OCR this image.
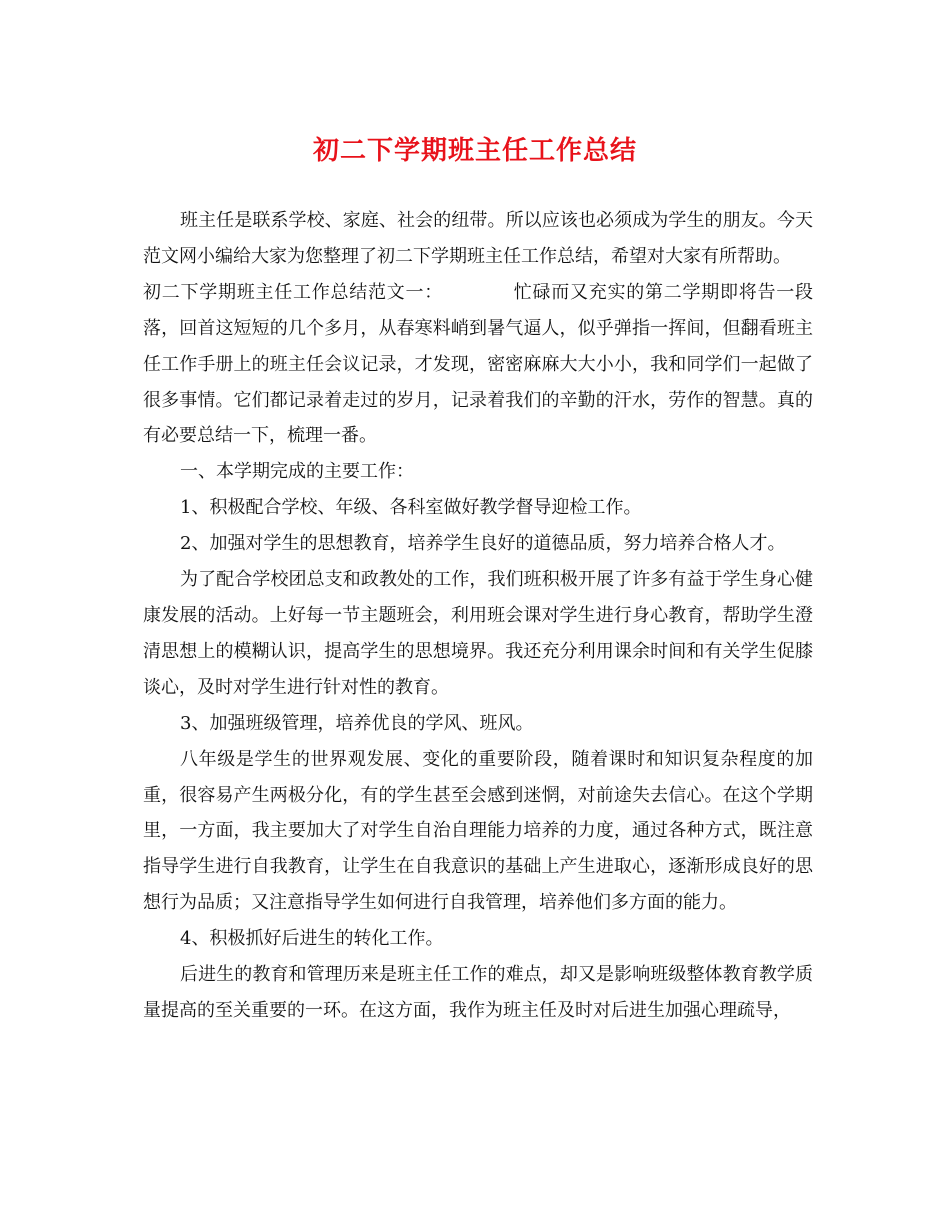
初二下学期班主任工作总结

班主任是联系学校、家庭、社会的纽带。所以应该也必须成为学生的朋友。今天范文网小编给大家为您整理了初二下学期班主任工作总结，希望对大家有所帮助。

初二下学期班主任工作总结范文一：	忙碌而又充实的第二学期即将告一段落，回首这短短的几个多月，从春寒料峭到暑气逼人，似乎弹指一挥间，但翻看班主任工作手册上的班主任会议记录，才发现，密密麻麻大大小小，我和同学们一起做了很多事情。它们都记录着走过的岁月，记录着我们的辛勤的汗水，劳作的智慧。真的有必要总结一下，梳理一番。

一、本学期完成的主要工作：

1、积极配合学校、年级、各科室做好教学督导迎检工作。

2、加强对学生的思想教育，培养学生良好的道德品质，努力培养合格人才。

为了配合学校团总支和政教处的工作，我们班积极开展了许多有益于学生身心健康发展的活动。上好每一节主题班会，利用班会课对学生进行身心教育，帮助学生澄清思想上的模糊认识，提高学生的思想境界。我还充分利用课余时间和有关学生促膝谈心，及时对学生进行针对性的教育。

3、加强班级管理，培养优良的学风、班风。

八年级是学生的世界观发展、变化的重要阶段，随着课时和知识复杂程度的加重，很容易产生两极分化，有的学生甚至会感到迷惘，对前途失去信心。在这个学期里，一方面，我主要加大了对学生自治自理能力培养的力度，通过各种方式，既注意指导学生进行自我教育，让学生在自我意识的基础上产生进取心，逐渐形成良好的思想行为品质；又注意指导学生如何进行自我管理，培养他们多方面的能力。

4、积极抓好后进生的转化工作。

后进生的教育和管理历来是班主任工作的难点，却又是影响班级整体教育教学质量提高的至关重要的一环。在这方面，我作为班主任及时对后进生加强心理疏导，
